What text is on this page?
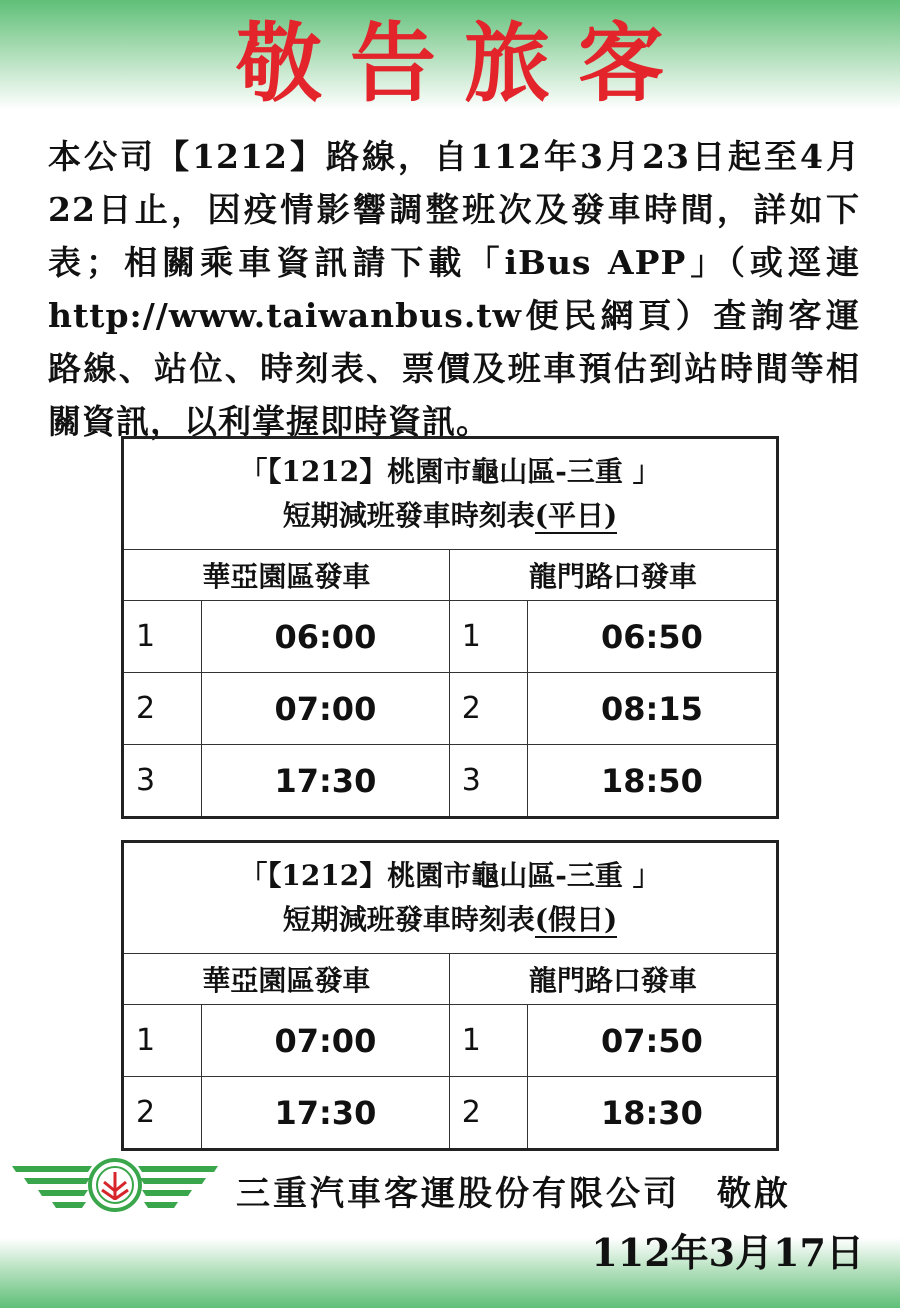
敬告旅客
本公司【1212】路線，自112年3月23日起至4月22日止，因疫情影響調整班次及發車時間，詳如下表；相關乘車資訊請下載「iBus APP」（或逕連http://www.taiwanbus.tw便民網頁）查詢客運路線、站位、時刻表、票價及班車預估到站時間等相關資訊，以利掌握即時資訊。
「【1212】桃園市龜山區-三重 」
短期減班發車時刻表(平日)			

華亞園區發車		龍門路口發車	
1	06:00	1	06:50
2	07:00	2	08:15
3	17:30	3	18:50
「【1212】桃園市龜山區-三重 」
短期減班發車時刻表(假日)			

華亞園區發車		龍門路口發車	
1	07:00	1	07:50
2	17:30	2	18:30
三重汽車客運股份有限公司　敬啟
112年3月17日
